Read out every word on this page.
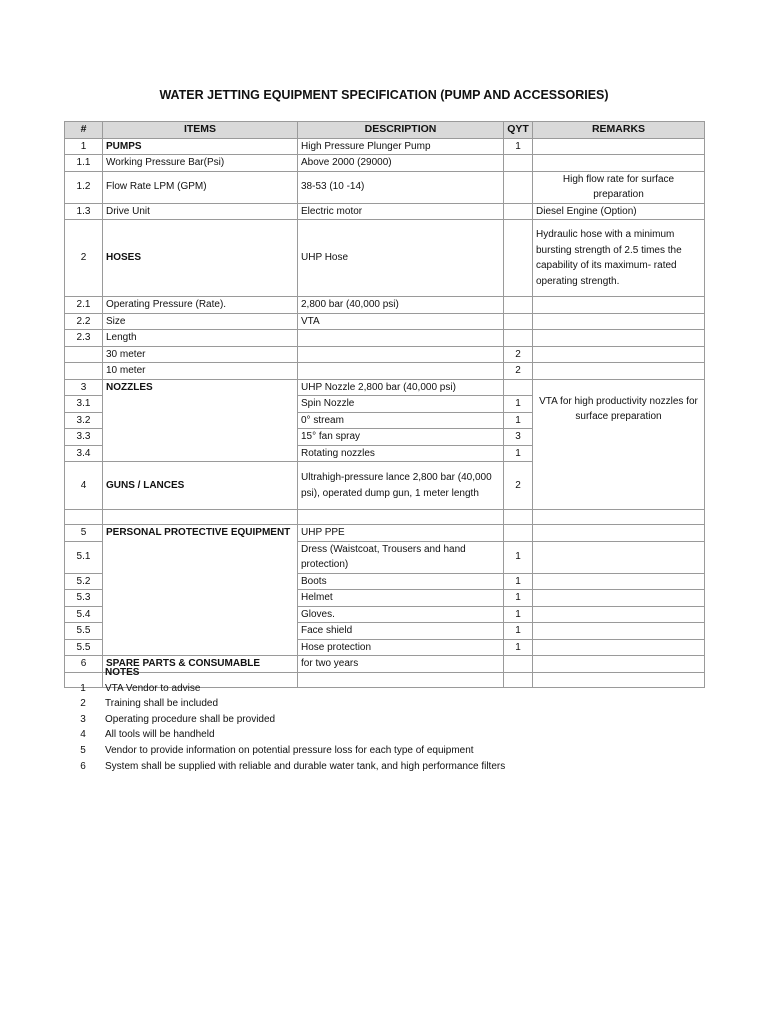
WATER JETTING EQUIPMENT SPECIFICATION (PUMP AND ACCESSORIES)
#	ITEMS	DESCRIPTION	QYT	REMARKS
1	PUMPS	High Pressure Plunger Pump	1	
1.1	Working Pressure Bar(Psi)	Above 2000 (29000)		
1.2	Flow Rate LPM (GPM)	38-53 (10 -14)		High flow rate for surface preparation
1.3	Drive Unit	Electric motor		Diesel Engine (Option)
2	HOSES	UHP Hose		Hydraulic hose with a minimum bursting strength of 2.5 times the capability of its maximum- rated operating strength.
2.1	Operating Pressure (Rate).	2,800 bar (40,000 psi)		
2.2	Size	VTA		
2.3	Length			
	30 meter		2	
	10 meter		2	
3	NOZZLES	UHP Nozzle 2,800 bar (40,000 psi)		VTA for high productivity nozzles for surface preparation
3.1		Spin Nozzle	1	
3.2		0° stream	1	
3.3		15° fan spray	3	
3.4		Rotating nozzles	1	
4	GUNS / LANCES	Ultrahigh-pressure lance 2,800 bar (40,000 psi), operated dump gun, 1 meter length	2	

5	PERSONAL PROTECTIVE EQUIPMENT	UHP PPE		
5.1		Dress (Waistcoat, Trousers and hand protection)	1	
5.2		Boots	1	
5.3		Helmet	1	
5.4		Gloves.	1	
5.5		Face shield	1	
5.5		Hose protection	1	
6	SPARE PARTS & CONSUMABLE	for two years		

NOTES
1	VTA Vendor to advise
2	Training shall be included
3	Operating procedure shall be provided
4	All tools will be handheld
5	Vendor to provide information on potential pressure loss for each type of equipment
6	System shall be supplied with reliable and durable water tank, and high performance filters
